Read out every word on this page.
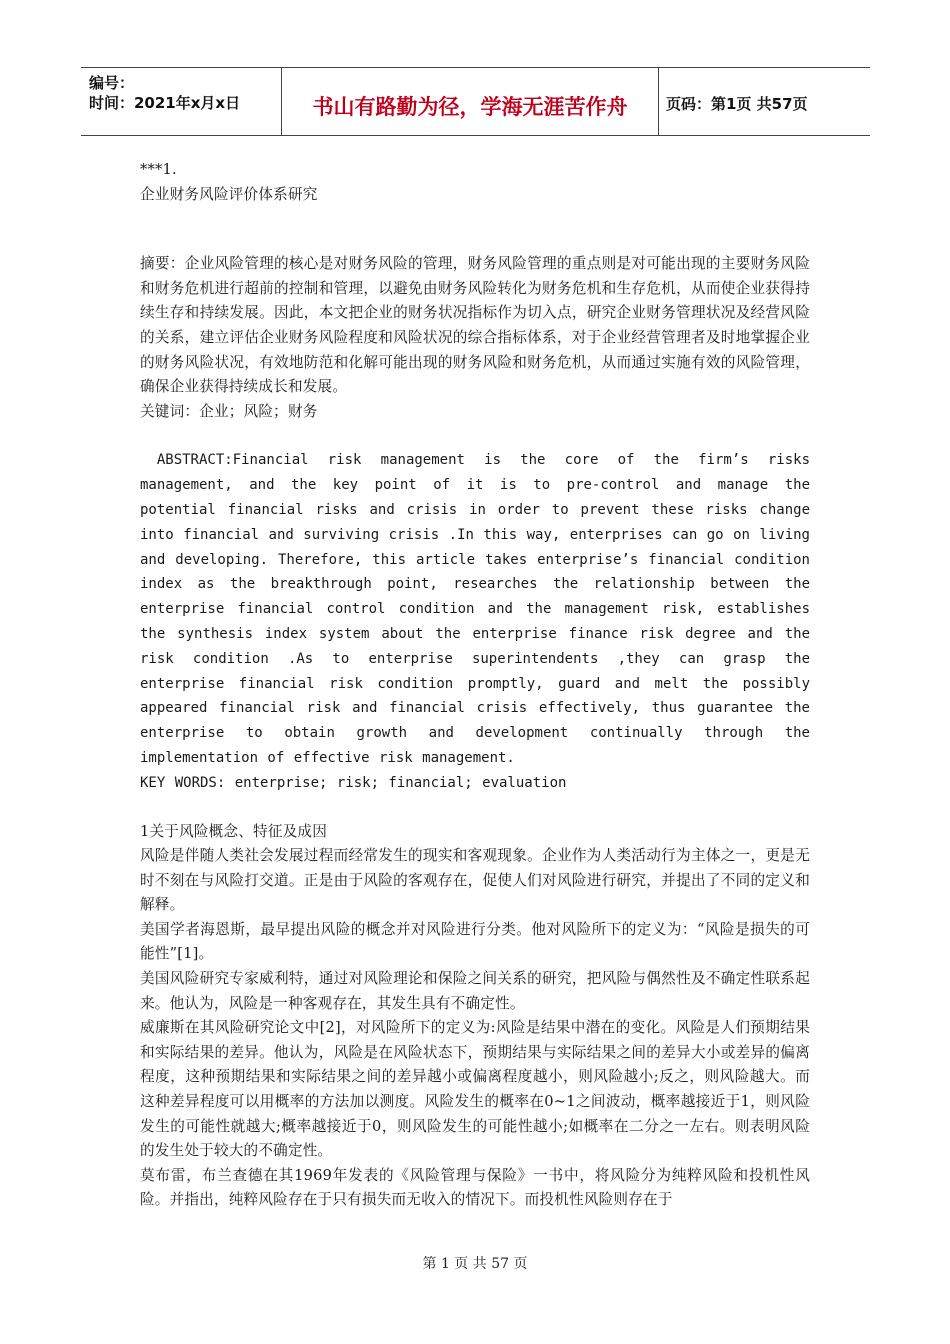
编号：
时间：2021年x月x日	书山有路勤为径，学海无涯苦作舟	页码：第1页 共57页

***1.

企业财务风险评价体系研究

摘要：企业风险管理的核心是对财务风险的管理，财务风险管理的重点则是对可能出现的主要财务风险和财务危机进行超前的控制和管理，以避免由财务风险转化为财务危机和生存危机，从而使企业获得持续生存和持续发展。因此，本文把企业的财务状况指标作为切入点，研究企业财务管理状况及经营风险的关系，建立评估企业财务风险程度和风险状况的综合指标体系，对于企业经营管理者及时地掌握企业的财务风险状况，有效地防范和化解可能出现的财务风险和财务危机，从而通过实施有效的风险管理，确保企业获得持续成长和发展。

关键词：企业；风险；财务

ABSTRACT:Financial risk management is the core of the firm’s risks management, and the key point of it is to pre-control and manage the potential financial risks and crisis in order to prevent these risks change into financial and surviving crisis .In this way, enterprises can go on living and developing. Therefore, this article takes enterprise’s financial condition index as the breakthrough point, researches the relationship between the enterprise financial control condition and the management risk, establishes the synthesis index system about the enterprise finance risk degree and the risk condition .As to enterprise superintendents ,they can grasp the enterprise financial risk condition promptly, guard and melt the possibly appeared financial risk and financial crisis effectively, thus guarantee the enterprise to obtain growth and development continually through the implementation of effective risk management.

KEY WORDS: enterprise; risk; financial; evaluation

1关于风险概念、特征及成因

风险是伴随人类社会发展过程而经常发生的现实和客观现象。企业作为人类活动行为主体之一，更是无时不刻在与风险打交道。正是由于风险的客观存在，促使人们对风险进行研究，并提出了不同的定义和解释。

美国学者海恩斯，最早提出风险的概念并对风险进行分类。他对风险所下的定义为：“风险是损失的可能性”[1]。

美国风险研究专家威利特，通过对风险理论和保险之间关系的研究，把风险与偶然性及不确定性联系起来。他认为，风险是一种客观存在，其发生具有不确定性。

威廉斯在其风险研究论文中[2]，对风险所下的定义为:风险是结果中潜在的变化。风险是人们预期结果和实际结果的差异。他认为，风险是在风险状态下，预期结果与实际结果之间的差异大小或差异的偏离程度，这种预期结果和实际结果之间的差异越小或偏离程度越小，则风险越小;反之，则风险越大。而这种差异程度可以用概率的方法加以测度。风险发生的概率在0~1之间波动，概率越接近于1，则风险发生的可能性就越大;概率越接近于0，则风险发生的可能性越小;如概率在二分之一左右。则表明风险的发生处于较大的不确定性。

莫布雷，布兰查德在其1969年发表的《风险管理与保险》一书中，将风险分为纯粹风险和投机性风险。并指出，纯粹风险存在于只有损失而无收入的情况下。而投机性风险则存在于

第 1 页 共 57 页
